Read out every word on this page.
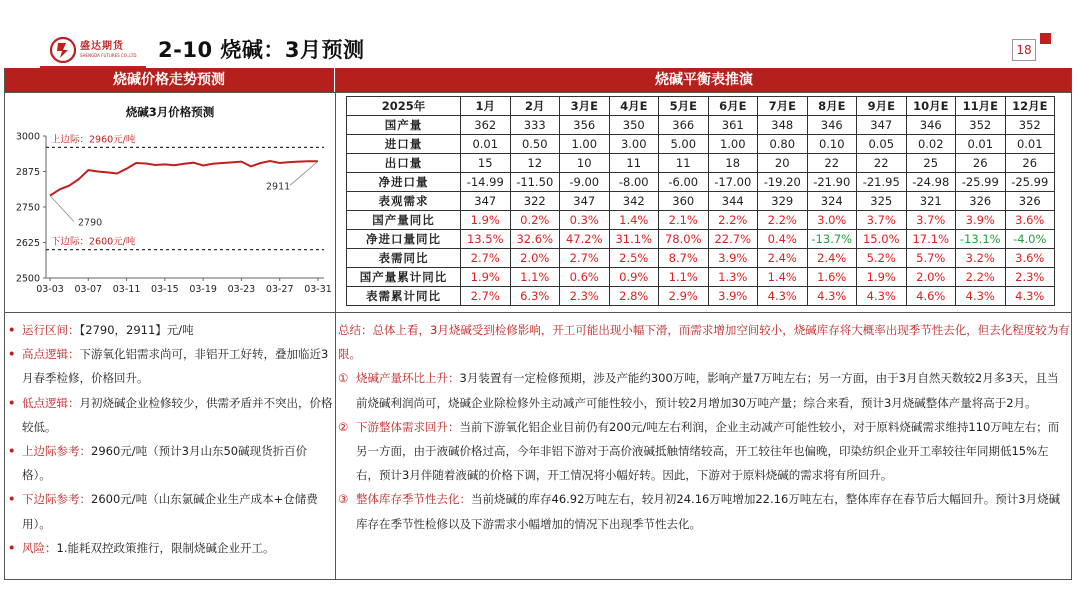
盛达期货
SHENGDA FUTURES CO.,LTD. 2-10 烧碱：3月预测	18
烧碱价格走势预测	烧碱平衡表推演
烧碱3月价格预测
2500
2625
2750
2875
3000
03-03 03-07 03-11 03-15 03-19 03-23 03-27 03-31
上边际：2960元/吨
下边际：2600元/吨
2790
2911
2025年	1月	2月	3月E	4月E	5月E	6月E	7月E	8月E	9月E	10月E	11月E	12月E
国产量	362	333	356	350	366	361	348	346	347	346	352	352
进口量	0.01	0.50	1.00	3.00	5.00	1.00	0.80	0.10	0.05	0.02	0.01	0.01
出口量	15	12	10	11	11	18	20	22	22	25	26	26
净进口量	-14.99	-11.50	-9.00	-8.00	-6.00	-17.00	-19.20	-21.90	-21.95	-24.98	-25.99	-25.99
表观需求	347	322	347	342	360	344	329	324	325	321	326	326
国产量同比	1.9%	0.2%	0.3%	1.4%	2.1%	2.2%	2.2%	3.0%	3.7%	3.7%	3.9%	3.6%
净进口量同比	13.5%	32.6%	47.2%	31.1%	78.0%	22.7%	0.4%	-13.7%	15.0%	17.1%	-13.1%	-4.0%
表需同比	2.7%	2.0%	2.7%	2.5%	8.7%	3.9%	2.4%	2.4%	5.2%	5.7%	3.2%	3.6%
国产量累计同比	1.9%	1.1%	0.6%	0.9%	1.1%	1.3%	1.4%	1.6%	1.9%	2.0%	2.2%	2.3%
表需累计同比	2.7%	6.3%	2.3%	2.8%	2.9%	3.9%	4.3%	4.3%	4.3%	4.6%	4.3%	4.3%
• 运行区间：【2790，2911】元/吨
• 高点逻辑：下游氧化铝需求尚可，非铝开工好转，叠加临近3月春季检修，价格回升。
• 低点逻辑：月初烧碱企业检修较少，供需矛盾并不突出，价格较低。
• 上边际参考：2960元/吨（预计3月山东50碱现货折百价格）。
• 下边际参考：2600元/吨（山东氯碱企业生产成本+仓储费用）。
• 风险：1.能耗双控政策推行，限制烧碱企业开工。
总结：总体上看，3月烧碱受到检修影响，开工可能出现小幅下滑，而需求增加空间较小，烧碱库存将大概率出现季节性去化，但去化程度较为有限。
① 烧碱产量环比上升：3月装置有一定检修预期，涉及产能约300万吨，影响产量7万吨左右；另一方面，由于3月自然天数较2月多3天，且当前烧碱利润尚可，烧碱企业除检修外主动减产可能性较小，预计较2月增加30万吨产量；综合来看，预计3月烧碱整体产量将高于2月。
② 下游整体需求回升：当前下游氧化铝企业目前仍有200元/吨左右利润，企业主动减产可能性较小，对于原料烧碱需求维持110万吨左右；而另一方面，由于液碱价格过高，今年非铝下游对于高价液碱抵触情绪较高，开工较往年也偏晚，印染纺织企业开工率较往年同期低15%左右，预计3月伴随着液碱的价格下调，开工情况将小幅好转。因此，下游对于原料烧碱的需求将有所回升。
③ 整体库存季节性去化：当前烧碱的库存46.92万吨左右，较月初24.16万吨增加22.16万吨左右，整体库存在春节后大幅回升。预计3月烧碱库存在季节性检修以及下游需求小幅增加的情况下出现季节性去化。
